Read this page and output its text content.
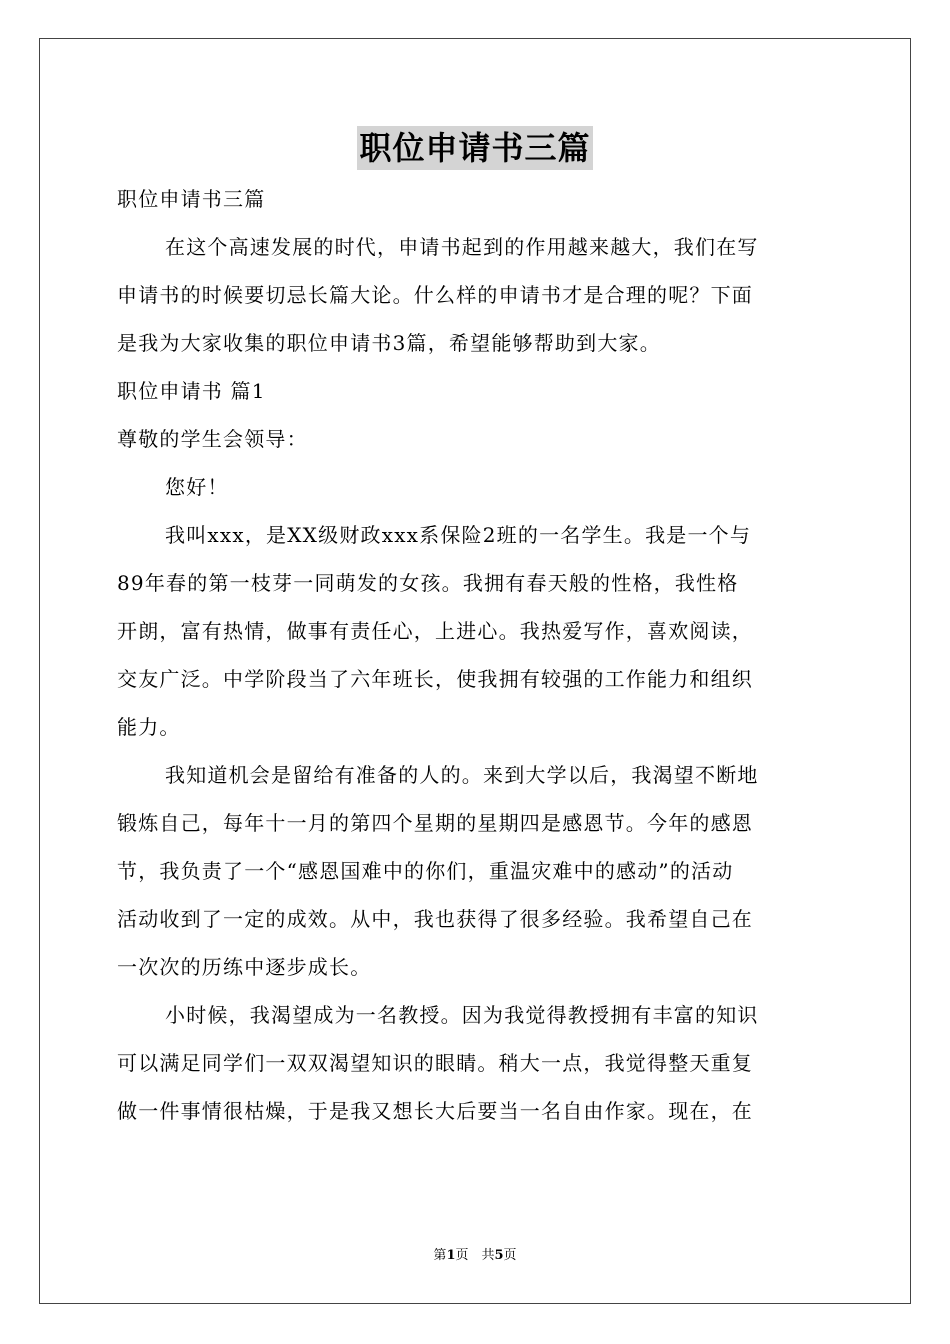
职位申请书三篇

职位申请书三篇

在这个高速发展的时代，申请书起到的作用越来越大，我们在写

申请书的时候要切忌长篇大论。什么样的申请书才是合理的呢？下面

是我为大家收集的职位申请书3篇，希望能够帮助到大家。

职位申请书 篇1

尊敬的学生会领导：

您好！

我叫xxx，是XX级财政xxx系保险2班的一名学生。我是一个与

89年春的第一枝芽一同萌发的女孩。我拥有春天般的性格，我性格

开朗，富有热情，做事有责任心，上进心。我热爱写作，喜欢阅读，

交友广泛。中学阶段当了六年班长，使我拥有较强的工作能力和组织

能力。

我知道机会是留给有准备的人的。来到大学以后，我渴望不断地

锻炼自己，每年十一月的第四个星期的星期四是感恩节。今年的感恩

节，我负责了一个“感恩国难中的你们，重温灾难中的感动”的活动

活动收到了一定的成效。从中，我也获得了很多经验。我希望自己在

一次次的历练中逐步成长。

小时候，我渴望成为一名教授。因为我觉得教授拥有丰富的知识

可以满足同学们一双双渴望知识的眼睛。稍大一点，我觉得整天重复

做一件事情很枯燥，于是我又想长大后要当一名自由作家。现在，在

第1页　共5页
